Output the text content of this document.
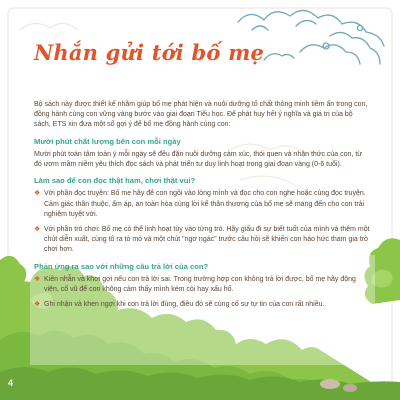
Nhắn gửi tới bố mẹ

Bộ sách này được thiết kế nhằm giúp bố mẹ phát hiện và nuôi dưỡng tố chất thông minh tiềm ẩn trong con, đồng hành cùng con vững vàng bước vào giai đoạn Tiểu học. Để phát huy hết ý nghĩa và giá trị của bộ sách, ETS xin đưa một số gợi ý để bố mẹ đồng hành cùng con:

Mười phút chất lượng bên con mỗi ngày

Mười phút toàn tâm toàn ý mỗi ngày sẽ đều đặn nuôi dưỡng cảm xúc, thói quen và nhận thức của con, từ đó ươm mầm niềm yêu thích đọc sách và phát triển tư duy linh hoạt trong giai đoạn vàng (0-6 tuổi).

Làm sao để con đọc thật ham, chơi thật vui?
❖ Với phần đọc truyện: Bố mẹ hãy để con ngồi vào lòng mình và đọc cho con nghe hoặc cùng đọc truyện. Cảm giác thân thuộc, ấm áp, an toàn hòa cùng lời kể thân thương của bố mẹ sẽ mang đến cho con trải nghiệm tuyệt vời.
❖ Với phần trò chơi: Bố mẹ có thể linh hoạt tùy vào từng trò. Hãy giấu đi sự biết tuốt của mình và thêm một chút diễn xuất, cùng tô ra tò mò và một chút "ngơ ngác" trước câu hỏi sẽ khiến con háo hức tham gia trò chơi hơn.
Phản ứng ra sao với những câu trả lời của con?
❖ Kiên nhẫn và khơi gợi nếu con trả lời sai. Trong trường hợp con không trả lời được, bố mẹ hãy động viên, cổ vũ để con không cảm thấy mình kém cỏi hay xấu hổ.
❖ Ghi nhận và khen ngợi khi con trả lời đúng, điều đó sẽ củng cố sự tự tin của con rất nhiều.
4
